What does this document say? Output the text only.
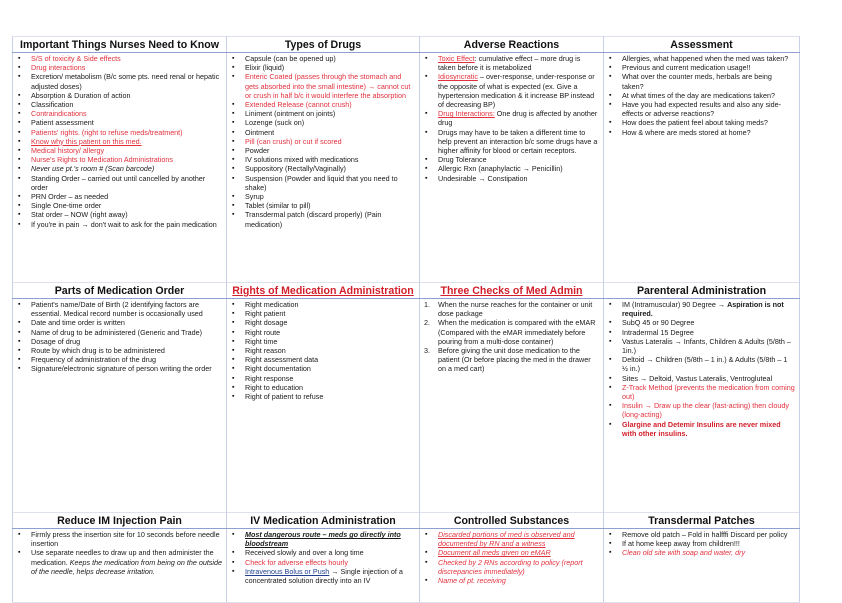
Important Things Nurses Need to Know	Types of Drugs	Adverse Reactions	Assessment

▪ S/S of toxicity & Side effects
▪ Drug interactions
▪ Excretion/ metabolism (B/c some pts. need renal or hepatic adjusted doses)
▪ Absorption & Duration of action
▪ Classification
▪ Contraindications
▪ Patient assessment
▪ Patients' rights. (right to refuse meds/treatment)
▪ Know why this patient on this med.
▪ Medical history/ allergy
▪ Nurse's Rights to Medication Administrations
▪ Never use pt.'s room # (Scan barcode)
▪ Standing Order – carried out until cancelled by another order
▪ PRN Order – as needed
▪ Single One-time order
▪ Stat order – NOW (right away)
▪ If you're in pain → don't wait to ask for the pain medication

▪ Capsule (can be opened up)
▪ Elixir (liquid)
▪ Enteric Coated (passes through the stomach and gets absorbed into the small intestine) → cannot cut or crush in half b/c it would interfere the absorption
▪ Extended Release (cannot crush)
▪ Liniment (ointment on joints)
▪ Lozenge (suck on)
▪ Ointment
▪ Pill (can crush) or cut if scored
▪ Powder
▪ IV solutions mixed with medications
▪ Suppository (Rectally/Vaginally)
▪ Suspension (Powder and liquid that you need to shake)
▪ Syrup
▪ Tablet (similar to pill)
▪ Transdermal patch (discard properly) (Pain medication)

▪ Toxic Effect: cumulative effect – more drug is taken before it is metabolized
▪ Idiosyncratic – over-response, under-response or the opposite of what is expected (ex. Give a hypertension medication & it increase BP instead of decreasing BP)
▪ Drug Interactions: One drug is affected by another drug
▪ Drugs may have to be taken a different time to help prevent an interaction b/c some drugs have a higher affinity for blood or certain receptors.
▪ Drug Tolerance
▪ Allergic Rxn (anaphylactic → Penicillin)
▪ Undesirable → Constipation

▪ Allergies, what happened when the med was taken?
▪ Previous and current medication usage!!
▪ What over the counter meds, herbals are being taken?
▪ At what times of the day are medications taken?
▪ Have you had expected results and also any side-effects or adverse reactions?
▪ How does the patient feel about taking meds?
▪ How & where are meds stored at home?

Parts of Medication Order	Rights of Medication Administration	Three Checks of Med Admin	Parenteral Administration

▪ Patient's name/Date of Birth (2 identifying factors are essential. Medical record number is occasionally used
▪ Date and time order is written
▪ Name of drug to be administered (Generic and Trade)
▪ Dosage of drug
▪ Route by which drug is to be administered
▪ Frequency of administration of the drug
▪ Signature/electronic signature of person writing the order

▪ Right medication
▪ Right patient
▪ Right dosage
▪ Right route
▪ Right time
▪ Right reason
▪ Right assessment data
▪ Right documentation
▪ Right response
▪ Right to education
▪ Right of patient to refuse

1. When the nurse reaches for the container or unit dose package
2. When the medication is compared with the eMAR (Compared with the eMAR immediately before pouring from a multi-dose container)
3. Before giving the unit dose medication to the patient (Or before placing the med in the drawer on a med cart)

▪ IM (Intramuscular) 90 Degree → Aspiration is not required.
▪ SubQ 45 or 90 Degree
▪ Intradermal 15 Degree
▪ Vastus Lateralis → Infants, Children & Adults (5/8th – 1in.)
▪ Deltoid → Children (5/8th – 1 in.) & Adults (5/8th – 1 ½ in.)
▪ Sites → Deltoid, Vastus Lateralis, Ventrogluteal
▪ Z-Track Method (prevents the medication from coming out)
▪ Insulin → Draw up the clear (fast-acting) then cloudy (long-acting)
▪ Glargine and Detemir Insulins are never mixed with other insulins.

Reduce IM Injection Pain	IV Medication Administration	Controlled Substances	Transdermal Patches

▪ Firmly press the insertion site for 10 seconds before needle insertion
▪ Use separate needles to draw up and then administer the medication. Keeps the medication from being on the outside of the needle, helps decrease irritation.

▪ Most dangerous route – meds go directly into bloodstream
▪ Received slowly and over a long time
▪ Check for adverse effects hourly
▪ Intravenous Bolus or Push → Single injection of a concentrated solution directly into an IV

▪ Discarded portions of med is observed and documented by RN and a witness
▪ Document all meds given on eMAR
▪ Checked by 2 RNs according to policy (report discrepancies immediately)
▪ Name of pt. receiving

▪ Remove old patch – Fold in halfffi Discard per policy
▪ If at home keep away from children!!!
▪ Clean old site with soap and water, dry
